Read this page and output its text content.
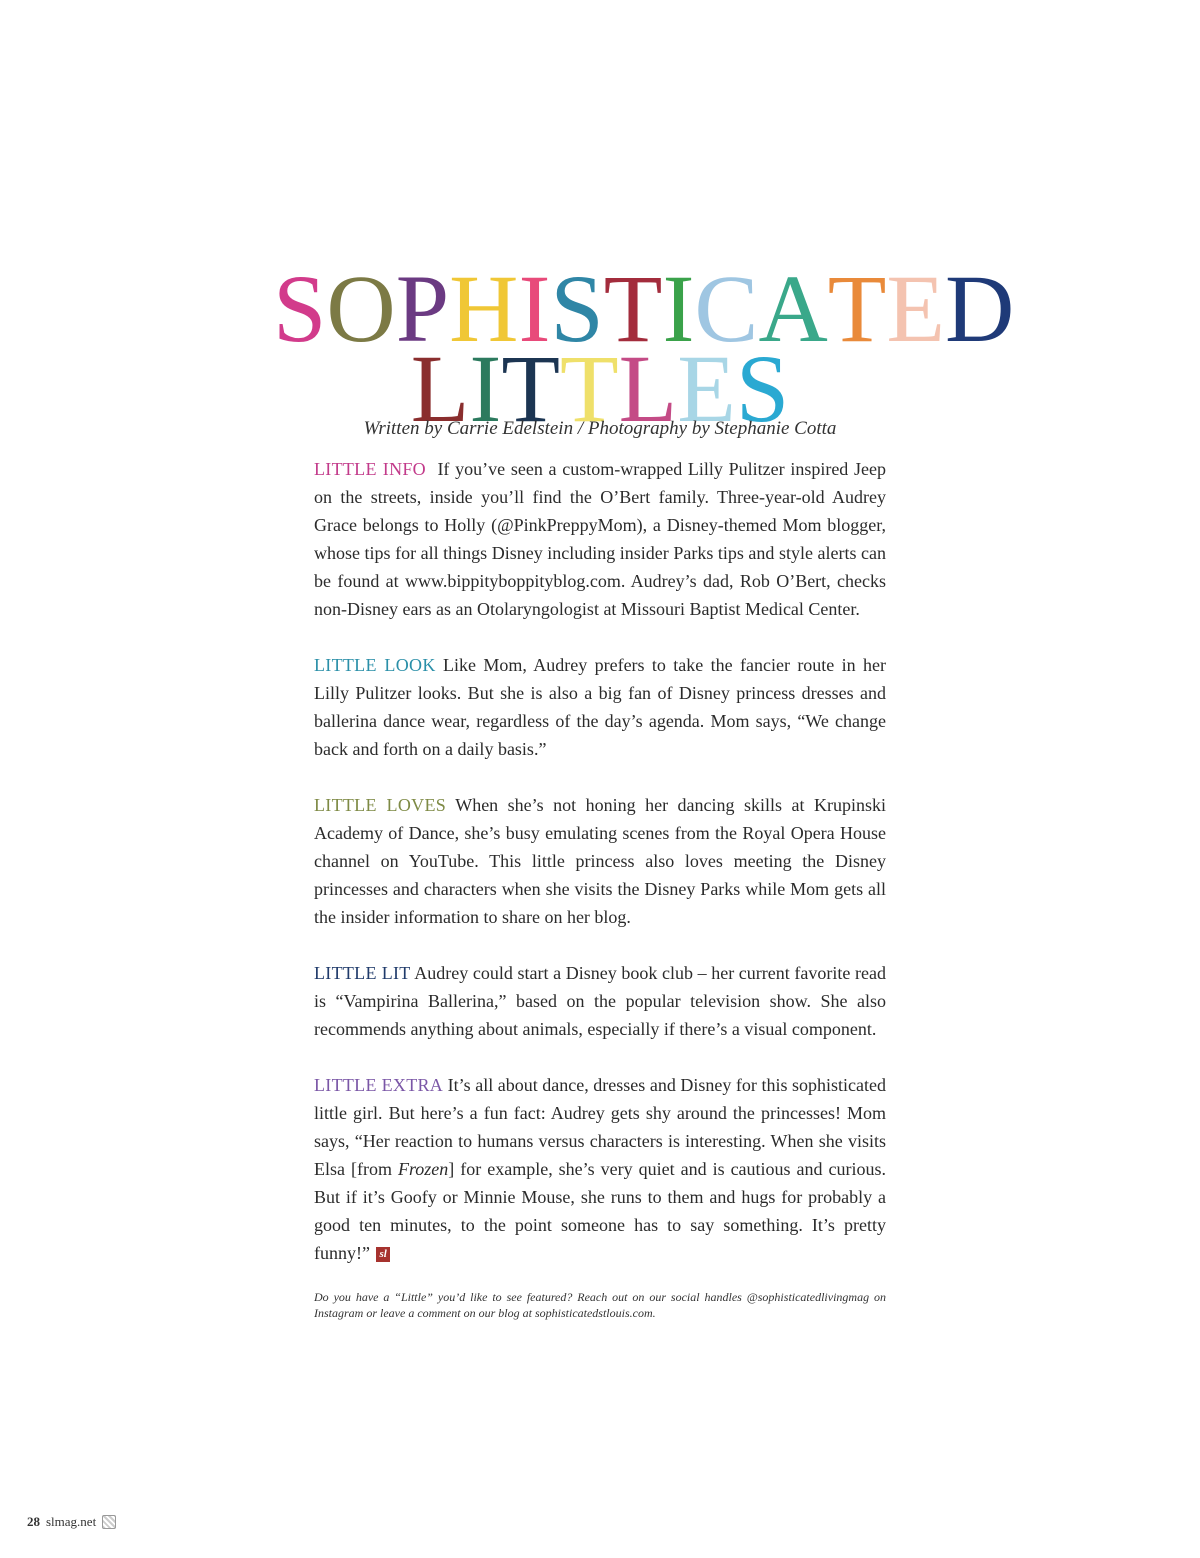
SOPHISTICATED
LITTLES
Written by Carrie Edelstein / Photography by Stephanie Cotta

LITTLE INFO If you’ve seen a custom-wrapped Lilly Pulitzer inspired Jeep on the streets, inside you’ll find the O’Bert family. Three-year-old Audrey Grace belongs to Holly (@PinkPreppyMom), a Disney-themed Mom blogger, whose tips for all things Disney including insider Parks tips and style alerts can be found at www.bippityboppityblog.com. Audrey’s dad, Rob O’Bert, checks non-Disney ears as an Otolaryngologist at Missouri Baptist Medical Center.

LITTLE LOOK Like Mom, Audrey prefers to take the fancier route in her Lilly Pulitzer looks. But she is also a big fan of Disney princess dresses and ballerina dance wear, regardless of the day’s agenda. Mom says, “We change back and forth on a daily basis.”

LITTLE LOVES When she’s not honing her dancing skills at Krupinski Academy of Dance, she’s busy emulating scenes from the Royal Opera House channel on YouTube. This little princess also loves meeting the Disney princesses and characters when she visits the Disney Parks while Mom gets all the insider information to share on her blog.

LITTLE LIT Audrey could start a Disney book club – her current favorite read is “Vampirina Ballerina,” based on the popular television show. She also recommends anything about animals, especially if there’s a visual component.

LITTLE EXTRA It’s all about dance, dresses and Disney for this sophisticated little girl. But here’s a fun fact: Audrey gets shy around the princesses! Mom says, “Her reaction to humans versus characters is interesting. When she visits Elsa [from Frozen] for example, she’s very quiet and is cautious and curious. But if it’s Goofy or Minnie Mouse, she runs to them and hugs for probably a good ten minutes, to the point someone has to say something. It’s pretty funny!” sl

Do you have a “Little” you’d like to see featured? Reach out on our social handles @sophisticatedlivingmag on Instagram or leave a comment on our blog at sophisticatedstlouis.com.
28 slmag.net
